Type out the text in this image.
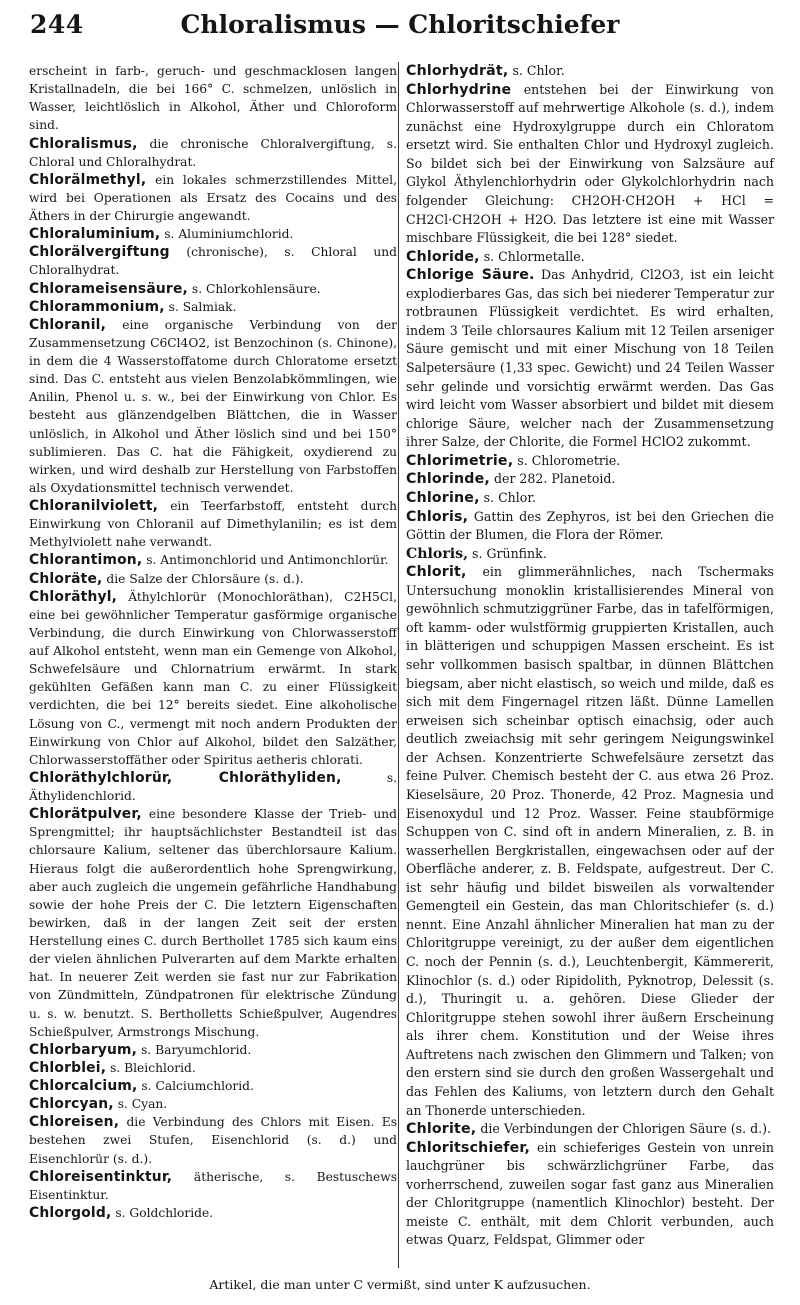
244	Chloralismus — Chloritschiefer

erscheint in farb-, geruch- und geschmacklosen langen Kristallnadeln, die bei 166° C. schmelzen, unlöslich in Wasser, leichtlöslich in Alkohol, Äther und Chloroform sind.

Chloralismus, die chronische Chloralvergiftung, s. Chloral und Chloralhydrat.

Chlorälmethyl, ein lokales schmerzstillendes Mittel, wird bei Operationen als Ersatz des Cocains und des Äthers in der Chirurgie angewandt.

Chloraluminium, s. Aluminiumchlorid.

Chlorälvergiftung (chronische), s. Chloral und Chloralhydrat.

Chlorameisensäure, s. Chlorkohlensäure.

Chlorammonium, s. Salmiak.

Chloranil, eine organische Verbindung von der Zusammensetzung C6Cl4O2, ist Benzochinon (s. Chinone), in dem die 4 Wasserstoffatome durch Chloratome ersetzt sind. Das C. entsteht aus vielen Benzolabkömmlingen, wie Anilin, Phenol u. s. w., bei der Einwirkung von Chlor. Es besteht aus glänzendgelben Blättchen, die in Wasser unlöslich, in Alkohol und Äther löslich sind und bei 150° sublimieren. Das C. hat die Fähigkeit, oxydierend zu wirken, und wird deshalb zur Herstellung von Farbstoffen als Oxydationsmittel technisch verwendet.

Chloranilviolett, ein Teerfarbstoff, entsteht durch Einwirkung von Chloranil auf Dimethylanilin; es ist dem Methylviolett nahe verwandt.

Chlorantimon, s. Antimonchlorid und Antimonchlorür.

Chloräte, die Salze der Chlorsäure (s. d.).

Chloräthyl, Äthylchlorür (Monochloräthan), C2H5Cl, eine bei gewöhnlicher Temperatur gasförmige organische Verbindung, die durch Einwirkung von Chlorwasserstoff auf Alkohol entsteht, wenn man ein Gemenge von Alkohol, Schwefelsäure und Chlornatrium erwärmt. In stark gekühlten Gefäßen kann man C. zu einer Flüssigkeit verdichten, die bei 12° bereits siedet. Eine alkoholische Lösung von C., vermengt mit noch andern Produkten der Einwirkung von Chlor auf Alkohol, bildet den Salzäther, Chlorwasserstoffäther oder Spiritus aetheris chlorati.

Chloräthylchlorür, Chloräthyliden,	s. Äthylidenchlorid.

Chlorätpulver, eine besondere Klasse der Trieb- und Sprengmittel; ihr hauptsächlichster Bestandteil ist das chlorsaure Kalium, seltener das überchlorsaure Kalium. Hieraus folgt die außerordentlich hohe Sprengwirkung, aber auch zugleich die ungemein gefährliche Handhabung sowie der hohe Preis der C. Die letztern Eigenschaften bewirken, daß in der langen Zeit seit der ersten Herstellung eines C. durch Berthollet 1785 sich kaum eins der vielen ähnlichen Pulverarten auf dem Markte erhalten hat. In neuerer Zeit werden sie fast nur zur Fabrikation von Zündmitteln, Zündpatronen für elektrische Zündung u. s. w. benutzt. S. Bertholletts Schießpulver, Augendres Schießpulver, Armstrongs Mischung.

Chlorbaryum, s. Baryumchlorid.

Chlorblei, s. Bleichlorid.

Chlorcalcium, s. Calciumchlorid.

Chlorcyan, s. Cyan.

Chloreisen, die Verbindung des Chlors mit Eisen. Es bestehen zwei Stufen, Eisenchlorid (s. d.) und Eisenchlorür (s. d.).

Chloreisentinktur, ätherische, s. Bestuschews Eisentinktur.

Chlorgold, s. Goldchloride.

Chlorhydrät, s. Chlor.

Chlorhydrine entstehen bei der Einwirkung von Chlorwasserstoff auf mehrwertige Alkohole (s. d.), indem zunächst eine Hydroxylgruppe durch ein Chloratom ersetzt wird. Sie enthalten Chlor und Hydroxyl zugleich. So bildet sich bei der Einwirkung von Salzsäure auf Glykol Äthylenchlorhydrin oder Glykolchlorhydrin nach folgender Gleichung: CH2OH·CH2OH + HCl = CH2Cl·CH2OH + H2O. Das letztere ist eine mit Wasser mischbare Flüssigkeit, die bei 128° siedet.

Chloride, s. Chlormetalle.

Chlorige Säure. Das Anhydrid, Cl2O3, ist ein leicht explodierbares Gas, das sich bei niederer Temperatur zur rotbraunen Flüssigkeit verdichtet. Es wird erhalten, indem 3 Teile chlorsaures Kalium mit 12 Teilen arseniger Säure gemischt und mit einer Mischung von 18 Teilen Salpetersäure (1,33 spec. Gewicht) und 24 Teilen Wasser sehr gelinde und vorsichtig erwärmt werden. Das Gas wird leicht vom Wasser absorbiert und bildet mit diesem chlorige Säure, welcher nach der Zusammensetzung ihrer Salze, der Chlorite, die Formel HClO2 zukommt.

Chlorimetrie, s. Chlorometrie.

Chlorinde, der 282. Planetoid.

Chlorine, s. Chlor.

Chloris, Gattin des Zephyros, ist bei den Griechen die Göttin der Blumen, die Flora der Römer.

Chloris, s. Grünfink.

Chlorit, ein glimmerähnliches, nach Tschermaks Untersuchung monoklin kristallisierendes Mineral von gewöhnlich schmutziggrüner Farbe, das in tafelförmigen, oft kamm- oder wulstförmig gruppierten Kristallen, auch in blätterigen und schuppigen Massen erscheint. Es ist sehr vollkommen basisch spaltbar, in dünnen Blättchen biegsam, aber nicht elastisch, so weich und milde, daß es sich mit dem Fingernagel ritzen läßt. Dünne Lamellen erweisen sich scheinbar optisch einachsig, oder auch deutlich zweiachsig mit sehr geringem Neigungswinkel der Achsen. Konzentrierte Schwefelsäure zersetzt das feine Pulver. Chemisch besteht der C. aus etwa 26 Proz. Kieselsäure, 20 Proz. Thonerde, 42 Proz. Magnesia und Eisenoxydul und 12 Proz. Wasser. Feine staubförmige Schuppen von C. sind oft in andern Mineralien, z. B. in wasserhellen Bergkristallen, eingewachsen oder auf der Oberfläche anderer, z. B. Feldspate, aufgestreut. Der C. ist sehr häufig und bildet bisweilen als vorwaltender Gemengteil ein Gestein, das man Chloritschiefer (s. d.) nennt. Eine Anzahl ähnlicher Mineralien hat man zu der Chloritgruppe vereinigt, zu der außer dem eigentlichen C. noch der Pennin (s. d.), Leuchtenbergit, Kämmererit, Klinochlor (s. d.) oder Ripidolith, Pyknotrop, Delessit (s. d.), Thuringit u. a. gehören. Diese Glieder der Chloritgruppe stehen sowohl ihrer äußern Erscheinung als ihrer chem. Konstitution und der Weise ihres Auftretens nach zwischen den Glimmern und Talken; von den erstern sind sie durch den großen Wassergehalt und das Fehlen des Kaliums, von letztern durch den Gehalt an Thonerde unterschieden.

Chlorite, die Verbindungen der Chlorigen Säure (s. d.).

Chloritschiefer, ein schieferiges Gestein von unrein lauchgrüner bis schwärzlichgrüner Farbe, das vorherrschend, zuweilen sogar fast ganz aus Mineralien der Chloritgruppe (namentlich Klinochlor) besteht. Der meiste C. enthält, mit dem Chlorit verbunden, auch etwas Quarz, Feldspat, Glimmer oder

Artikel, die man unter C vermißt, sind unter K aufzusuchen.
